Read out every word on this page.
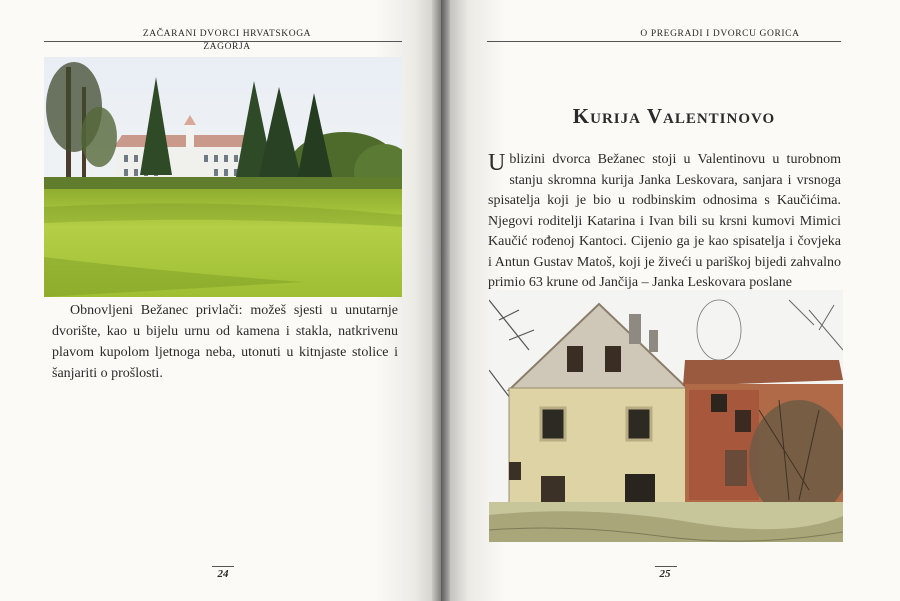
ZAČARANI DVORCI HRVATSKOGA ZAGORJA

Obnovljeni Bežanec privlači: možeš sjesti u unutarnje dvorište, kao u bijelu urnu od kamena i stakla, natkrivenu plavom kupolom ljetnoga neba, utonuti u kitnjaste stolice i šanjariti o prošlosti.

24
O PREGRADI I DVORCU GORICA
Kurija Valentinovo

Ublizini dvorca Bežanec stoji u Valentinovu u turobnom stanju skromna kurija Janka Leskovara, sanjara i vrsnoga spisatelja koji je bio u rodbinskim odnosima s Kaučićima. Njegovi roditelji Katarina i Ivan bili su krsni kumovi Mimici Kaučić rođenoj Kantoci. Cijenio ga je kao spisatelja i čovjeka i Antun Gustav Matoš, koji je živeći u pariškoj bijedi zahvalno primio 63 krune od Jančija – Janka Leskovara poslane

25
